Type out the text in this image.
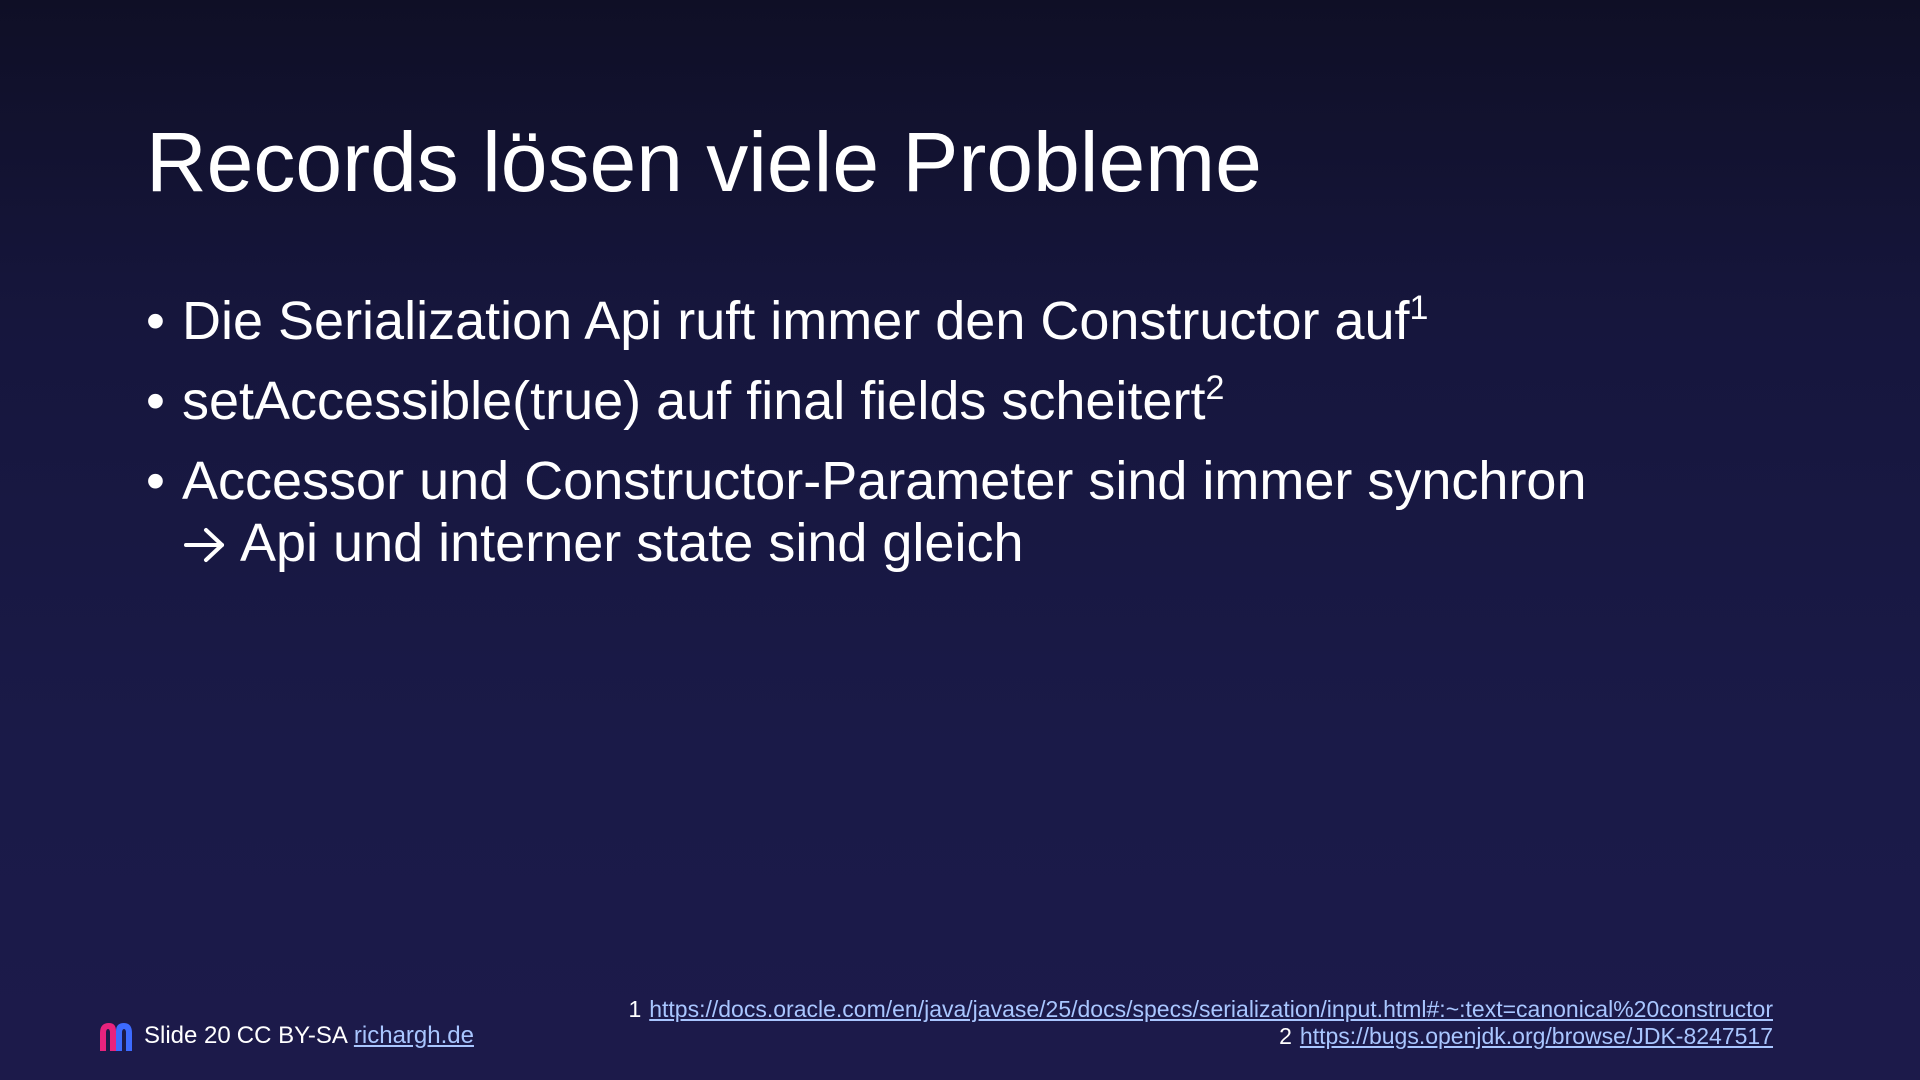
Records lösen viele Probleme
• Die Serialization Api ruft immer den Constructor auf$^1$
• setAccessible(true) auf final fields scheitert$^2$
• Accessor und Constructor-Parameter sind immer synchron
Api und interner state sind gleich
Slide 20 CC BY-SA richargh.de
1 https://docs.oracle.com/en/java/javase/25/docs/specs/serialization/input.html#:~:text=canonical%20constructor
2 https://bugs.openjdk.org/browse/JDK-8247517
